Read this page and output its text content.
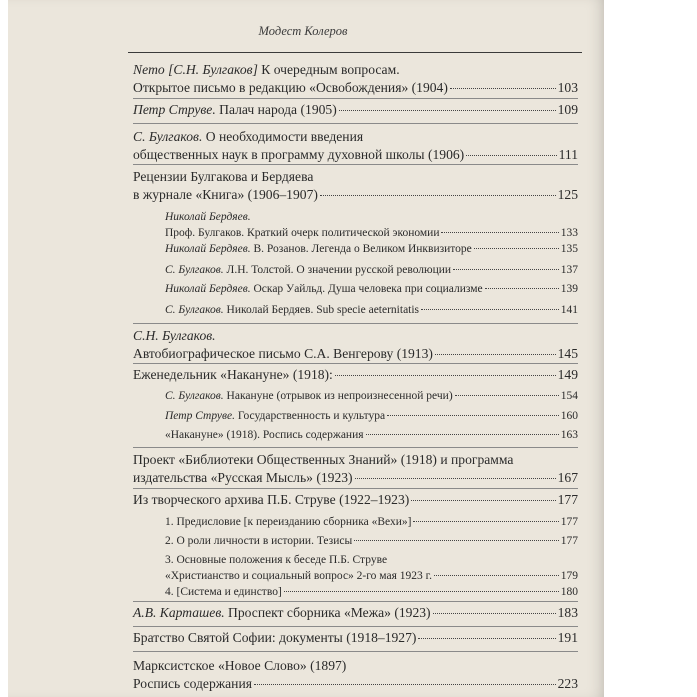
Модест Колеров
Nemo [С.Н. Булгаков] К очередным вопросам.
Открытое письмо в редакцию «Освобождения» (1904)	103
Петр Струве. Палач народа (1905)	109
С. Булгаков. О необходимости введения
общественных наук в программу духовной школы (1906)	111
Рецензии Булгакова и Бердяева
в журнале «Книга» (1906–1907)	125
Николай Бердяев.
Проф. Булгаков. Краткий очерк политической экономии	133
Николай Бердяев. В. Розанов. Легенда о Великом Инквизиторе	135
С. Булгаков. Л.Н. Толстой. О значении русской революции	137
Николай Бердяев. Оскар Уайльд. Душа человека при социализме	139
С. Булгаков. Николай Бердяев. Sub specie aeternitatis	141
С.Н. Булгаков.
Автобиографическое письмо С.А. Венгерову (1913)	145
Еженедельник «Накануне» (1918):	149
С. Булгаков. Накануне (отрывок из непроизнесенной речи)	154
Петр Струве. Государственность и культура	160
«Накануне» (1918). Роспись содержания	163
Проект «Библиотеки Общественных Знаний» (1918) и программа
издательства «Русская Мысль» (1923)	167
Из творческого архива П.Б. Струве (1922–1923)	177
1. Предисловие [к переизданию сборника «Вехи»]	177
2. О роли личности в истории. Тезисы	177
3. Основные положения к беседе П.Б. Струве
«Христианство и социальный вопрос» 2-го мая 1923 г.	179
4. [Система и единство]	180
А.В. Карташев. Проспект сборника «Межа» (1923)	183
Братство Святой Софии: документы (1918–1927)	191
Марксистское «Новое Слово» (1897)
Роспись содержания	223
